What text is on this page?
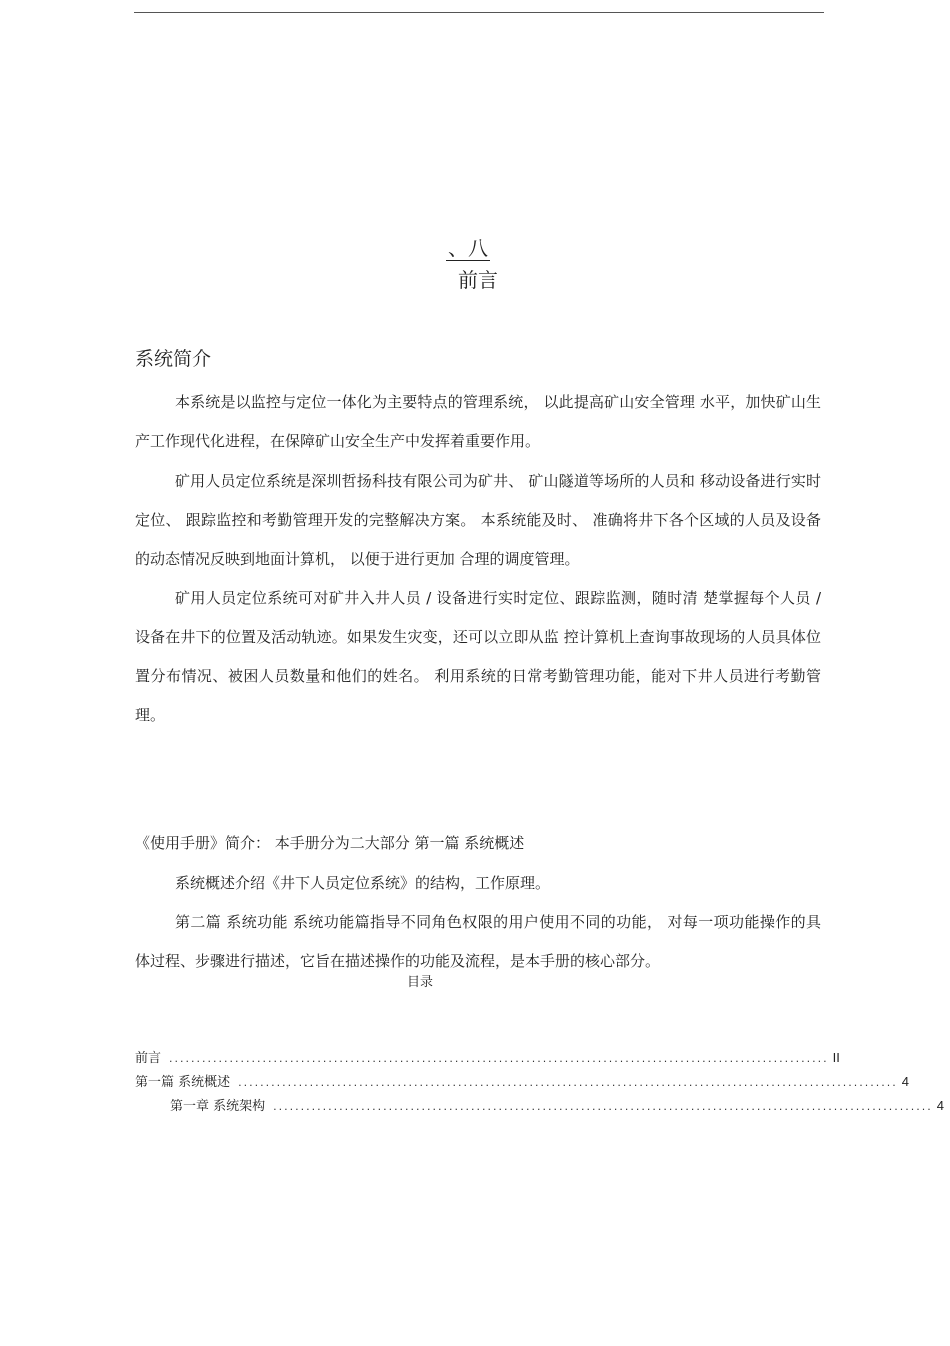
、八
前言
系统简介

本系统是以监控与定位一体化为主要特点的管理系统， 以此提高矿山安全管理 水平，加快矿山生产工作现代化进程，在保障矿山安全生产中发挥着重要作用。

矿用人员定位系统是深圳哲扬科技有限公司为矿井、 矿山隧道等场所的人员和 移动设备进行实时定位、 跟踪监控和考勤管理开发的完整解决方案。 本系统能及时、 准确将井下各个区域的人员及设备的动态情况反映到地面计算机， 以便于进行更加 合理的调度管理。

矿用人员定位系统可对矿井入井人员 / 设备进行实时定位、跟踪监测，随时清 楚掌握每个人员 / 设备在井下的位置及活动轨迹。如果发生灾变，还可以立即从监 控计算机上查询事故现场的人员具体位置分布情况、被困人员数量和他们的姓名。 利用系统的日常考勤管理功能，能对下井人员进行考勤管理。

《使用手册》简介： 本手册分为二大部分 第一篇 系统概述

系统概述介绍《井下人员定位系统》的结构，工作原理。

第二篇 系统功能 系统功能篇指导不同角色权限的用户使用不同的功能， 对每一项功能操作的具 体过程、步骤进行描述，它旨在描述操作的功能及流程，是本手册的核心部分。

目录
前言 ........................................................................................................................ II
第一篇 系统概述 ........................................................................................................................ 4
第一章 系统架构 ........................................................................................................................ 4
